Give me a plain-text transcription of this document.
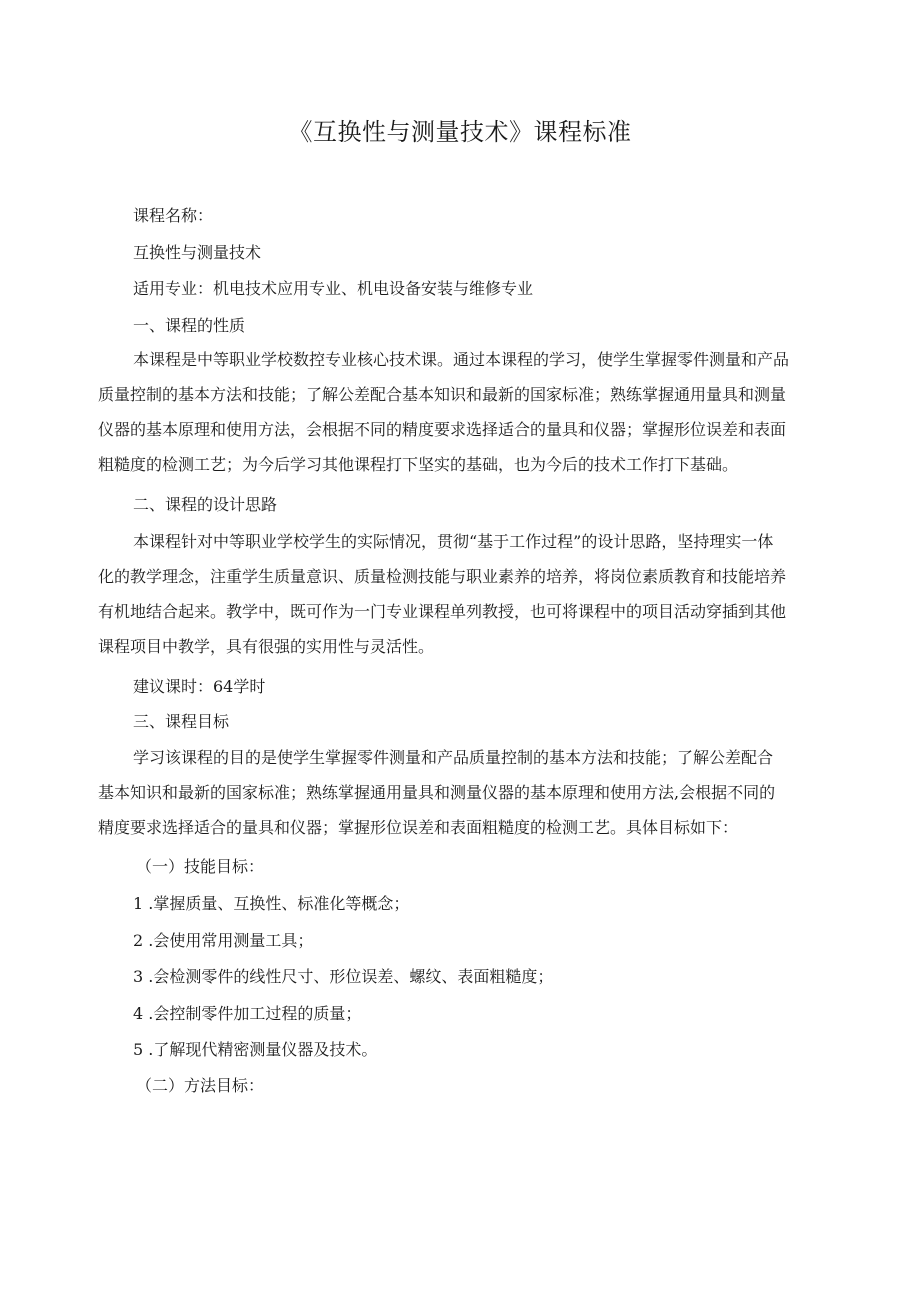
《互换性与测量技术》课程标准
课程名称：
互换性与测量技术
适用专业：机电技术应用专业、机电设备安装与维修专业
一、课程的性质
本课程是中等职业学校数控专业核心技术课。通过本课程的学习，使学生掌握零件测量和产品
质量控制的基本方法和技能；了解公差配合基本知识和最新的国家标准；熟练掌握通用量具和测量
仪器的基本原理和使用方法，会根据不同的精度要求选择适合的量具和仪器；掌握形位误差和表面
粗糙度的检测工艺；为今后学习其他课程打下坚实的基础，也为今后的技术工作打下基础。
二、课程的设计思路
本课程针对中等职业学校学生的实际情况，贯彻“基于工作过程”的设计思路，坚持理实一体
化的教学理念，注重学生质量意识、质量检测技能与职业素养的培养，将岗位素质教育和技能培养
有机地结合起来。教学中，既可作为一门专业课程单列教授，也可将课程中的项目活动穿插到其他
课程项目中教学，具有很强的实用性与灵活性。
建议课时：64学时
三、课程目标
学习该课程的目的是使学生掌握零件测量和产品质量控制的基本方法和技能；了解公差配合
基本知识和最新的国家标准；熟练掌握通用量具和测量仪器的基本原理和使用方法,会根据不同的
精度要求选择适合的量具和仪器；掌握形位误差和表面粗糙度的检测工艺。具体目标如下：
（一）技能目标：
1 .掌握质量、互换性、标准化等概念；
2 .会使用常用测量工具；
3 .会检测零件的线性尺寸、形位误差、螺纹、表面粗糙度；
4 .会控制零件加工过程的质量；
5 .了解现代精密测量仪器及技术。
（二）方法目标：
